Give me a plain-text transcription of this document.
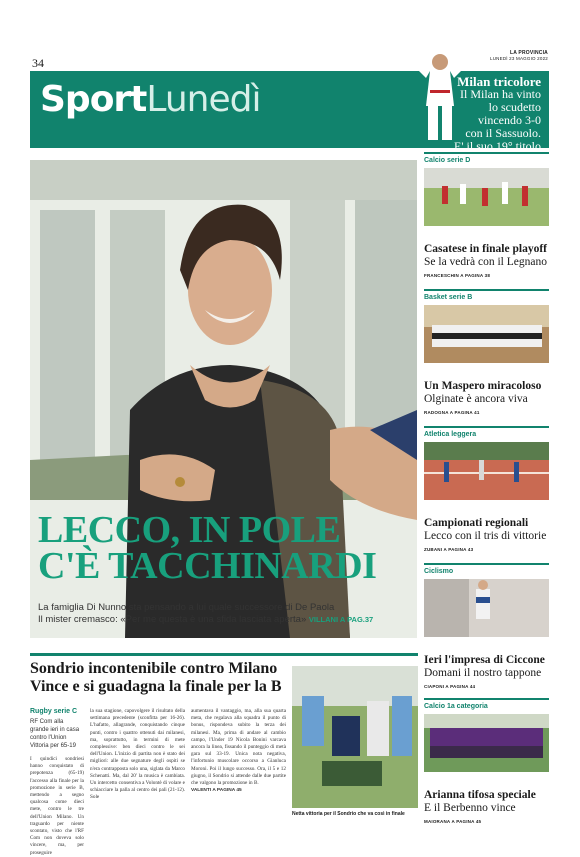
34
LA PROVINCIA
LUNEDÌ 23 MAGGIO 2022
SportLunedì	Milan tricolore
Il Milan ha vinto
lo scudetto
vincendo 3-0
con il Sassuolo.
E' il suo 19° titolo
LECCO, IN POLE
C'È TACCHINARDI
La famiglia Di Nunno sta pensando a lui quale successore di De Paola
Il mister cremasco: «Per me questa è una sfida lasciata aperta» VILLANI A PAG.37
Calcio serie D
Casatese in finale playoff
Se la vedrà con il Legnano
FRANCESCHIN A PAGINA 38
Basket serie B
Un Maspero miracoloso
Olginate è ancora viva
RADOGNA A PAGINA 41
Atletica leggera
Campionati regionali
Lecco con il tris di vittorie
ZUBANI A PAGINA 43
Ciclismo
Ieri l'impresa di Ciccone
Domani il nostro tappone
CIAPONI A PAGINA 44
Calcio 1a categoria
Arianna tifosa speciale
E il Berbenno vince
MAIORANA A PAGINA 45
Sondrio incontenibile contro Milano
Vince e si guadagna la finale per la B
Rugby serie C
RF Com alla grande ieri in casa contro l'Union Vittoria per 65-19
I quindici sondriesi hanno conquistato di prepotenza (65-19) l'accesso alla finale per la promozione in serie B, mettendo a segno qualcosa come dieci mete, contro le tre dell'Union Milano. Un traguardo per niente scontato, visto che l'RF Com non doveva solo vincere, ma, per proseguire
la sua stagione, capovolgere il risultato della settimana precedente (sconfitta per 16-26). L'hafatto, allagrande, conquistando cinque punti, contro i quattro ottenuti dai milanesi, ma, soprattutto, in termini di mete complessive: ben dieci contro le sei dell'Union. L'inizio di partita non è stato dei migliori: alle due segnature degli ospiti se n'era contrapposta solo una, siglata da Marco Schenatti. Ma, dal 20' la musica è cambiata. Un intercetto consentiva a Volontè di volare e schiacciare la palla al centro dei pali (21-12). Sole
aumentava il vantaggio, ma, alla sua quarta meta, che regalava alla squadra il punto di bonus, rispondeva subito la terza dei milanesi. Ma, prima di andare al cambio campo, l'Under 19 Nicola Bonini varcava ancora la linea, fissando il punteggio di metà gara sul 33-19. Unica nota negativa, l'infortunio muscolare occorso a Gianluca Moroni. Poi il lungo successo. Ora, il 5 e 12 giugno, il Sondrio si attende dalle due partite che valgono la promozione in B.
VALENTI A PAGINA 45
Netta vittoria per il Sondrio che va così in finale
